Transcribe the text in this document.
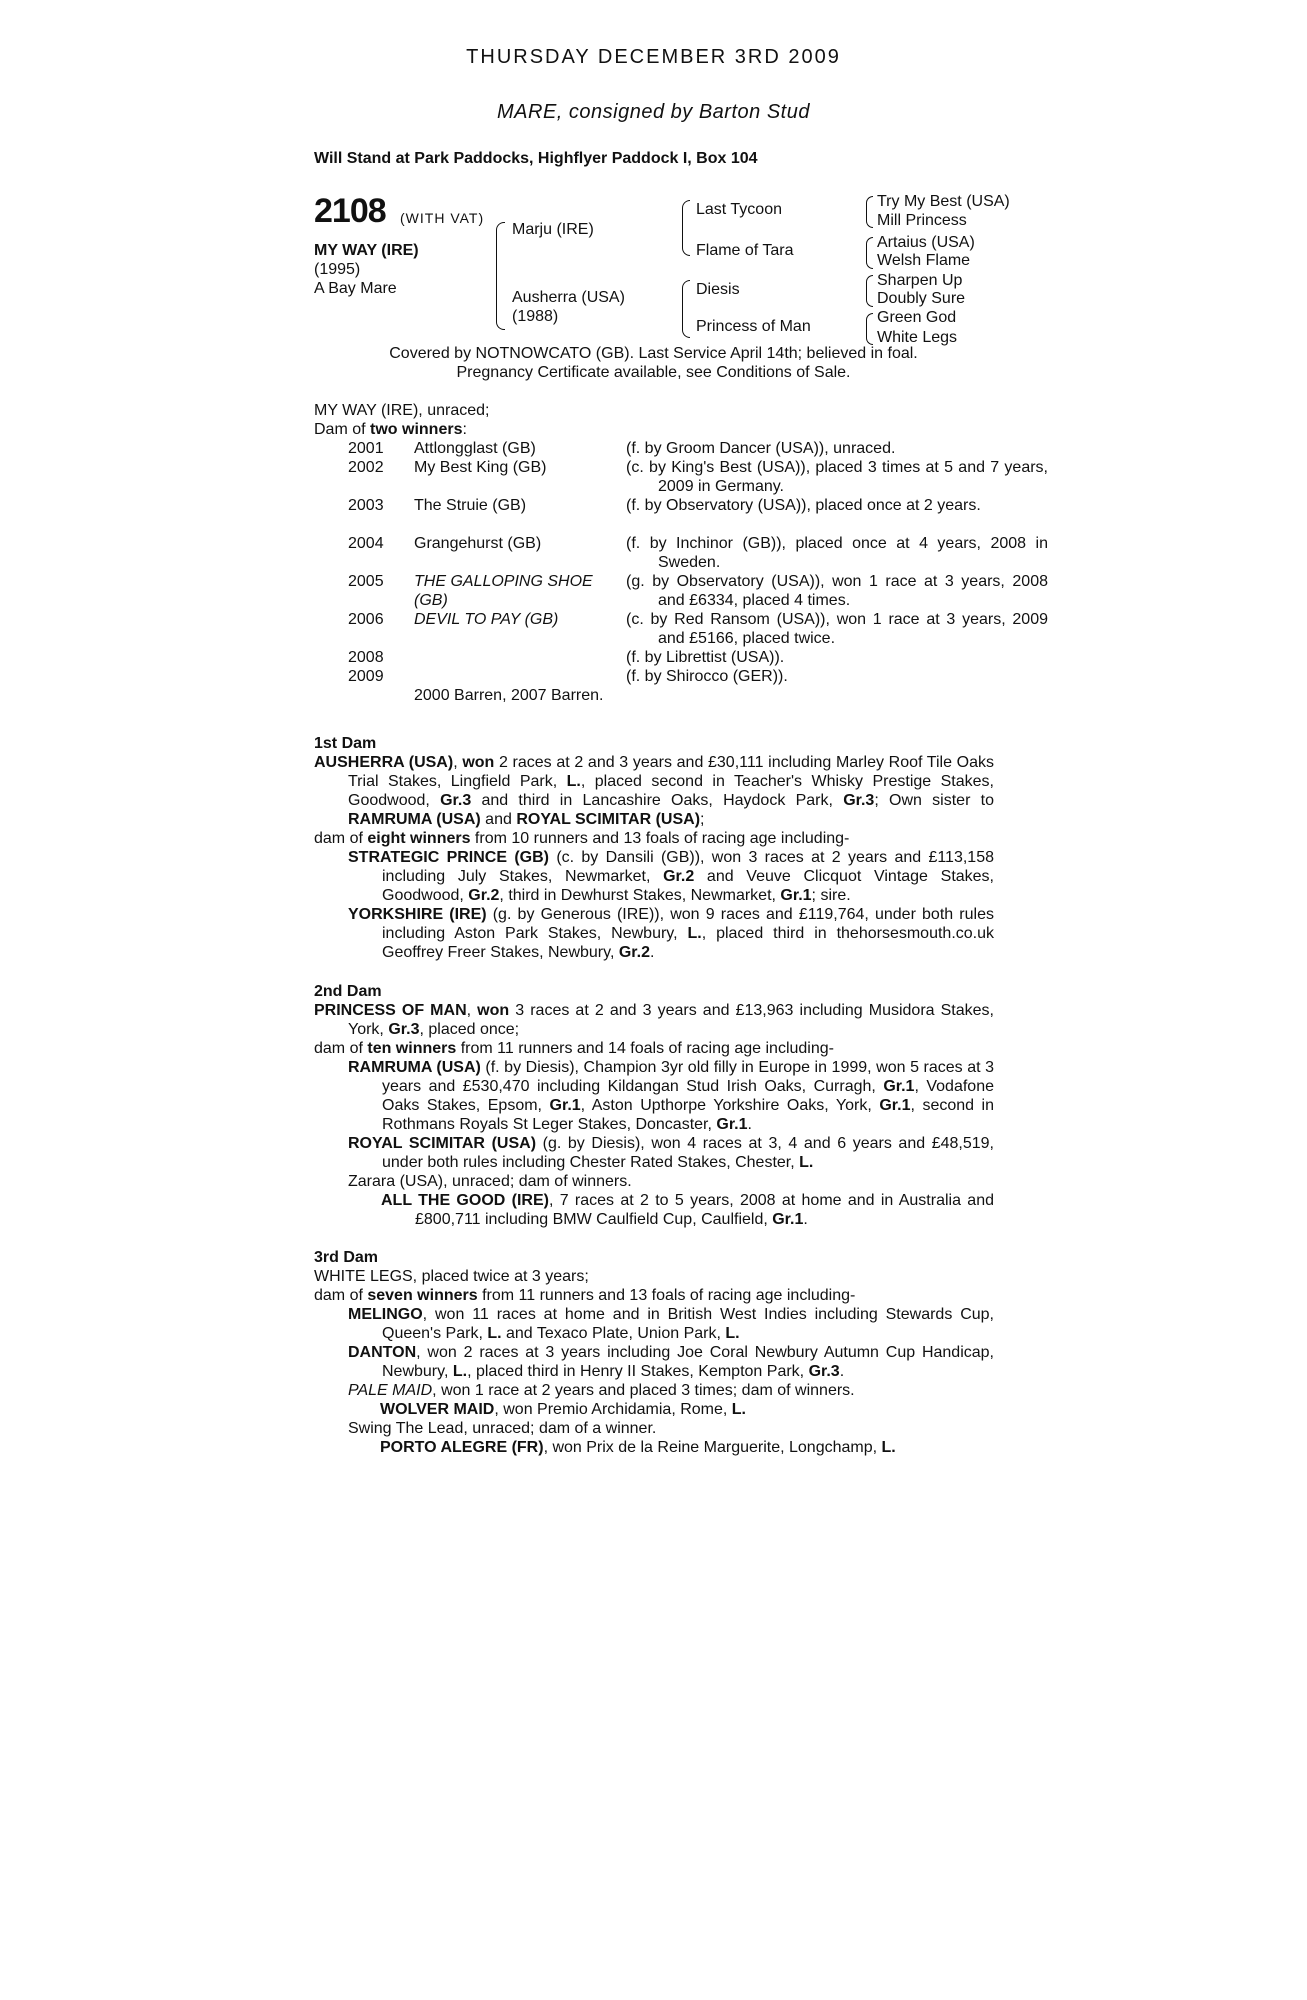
THURSDAY DECEMBER 3RD 2009
MARE, consigned by Barton Stud
Will Stand at Park Paddocks, Highflyer Paddock I, Box 104
2108 (WITH VAT)
MY WAY (IRE)
(1995)
A Bay Mare
Marju (IRE)
Ausherra (USA)
(1988)
Last Tycoon
Flame of Tara
Diesis
Princess of Man
Try My Best (USA)
Mill Princess
Artaius (USA)
Welsh Flame
Sharpen Up
Doubly Sure
Green God
White Legs
Covered by NOTNOWCATO (GB). Last Service April 14th; believed in foal.
Pregnancy Certificate available, see Conditions of Sale.
MY WAY (IRE), unraced;
Dam of two winners:
2001 Attlongglast (GB)	(f. by Groom Dancer (USA)), unraced.
2002 My Best King (GB)	(c. by King's Best (USA)), placed 3 times at 5 and 7 years, 2009 in Germany.
2003 The Struie (GB)	(f. by Observatory (USA)), placed once at 2 years.
2004 Grangehurst (GB)	(f. by Inchinor (GB)), placed once at 4 years, 2008 in Sweden.
2005 THE GALLOPING SHOE (GB)
(g. by Observatory (USA)), won 1 race at 3 years, 2008 and £6334, placed 4 times.
2006 DEVIL TO PAY (GB)	(c. by Red Ransom (USA)), won 1 race at 3 years, 2009 and £5166, placed twice.
2008	(f. by Librettist (USA)).
2009	(f. by Shirocco (GER)).
2000 Barren, 2007 Barren.
1st Dam
AUSHERRA (USA), won 2 races at 2 and 3 years and £30,111 including Marley Roof Tile Oaks Trial Stakes, Lingfield Park, L., placed second in Teacher's Whisky Prestige Stakes, Goodwood, Gr.3 and third in Lancashire Oaks, Haydock Park, Gr.3; Own sister to RAMRUMA (USA) and ROYAL SCIMITAR (USA);
dam of eight winners from 10 runners and 13 foals of racing age including-
STRATEGIC PRINCE (GB) (c. by Dansili (GB)), won 3 races at 2 years and £113,158 including July Stakes, Newmarket, Gr.2 and Veuve Clicquot Vintage Stakes, Goodwood, Gr.2, third in Dewhurst Stakes, Newmarket, Gr.1; sire.
YORKSHIRE (IRE) (g. by Generous (IRE)), won 9 races and £119,764, under both rules including Aston Park Stakes, Newbury, L., placed third in thehorsesmouth.co.uk Geoffrey Freer Stakes, Newbury, Gr.2.
2nd Dam
PRINCESS OF MAN, won 3 races at 2 and 3 years and £13,963 including Musidora Stakes, York, Gr.3, placed once;
dam of ten winners from 11 runners and 14 foals of racing age including-
RAMRUMA (USA) (f. by Diesis), Champion 3yr old filly in Europe in 1999, won 5 races at 3 years and £530,470 including Kildangan Stud Irish Oaks, Curragh, Gr.1, Vodafone Oaks Stakes, Epsom, Gr.1, Aston Upthorpe Yorkshire Oaks, York, Gr.1, second in Rothmans Royals St Leger Stakes, Doncaster, Gr.1.
ROYAL SCIMITAR (USA) (g. by Diesis), won 4 races at 3, 4 and 6 years and £48,519, under both rules including Chester Rated Stakes, Chester, L.
Zarara (USA), unraced; dam of winners.
ALL THE GOOD (IRE), 7 races at 2 to 5 years, 2008 at home and in Australia and £800,711 including BMW Caulfield Cup, Caulfield, Gr.1.
3rd Dam
WHITE LEGS, placed twice at 3 years;
dam of seven winners from 11 runners and 13 foals of racing age including-
MELINGO, won 11 races at home and in British West Indies including Stewards Cup, Queen's Park, L. and Texaco Plate, Union Park, L.
DANTON, won 2 races at 3 years including Joe Coral Newbury Autumn Cup Handicap, Newbury, L., placed third in Henry II Stakes, Kempton Park, Gr.3.
PALE MAID, won 1 race at 2 years and placed 3 times; dam of winners.
WOLVER MAID, won Premio Archidamia, Rome, L.
Swing The Lead, unraced; dam of a winner.
PORTO ALEGRE (FR), won Prix de la Reine Marguerite, Longchamp, L.
